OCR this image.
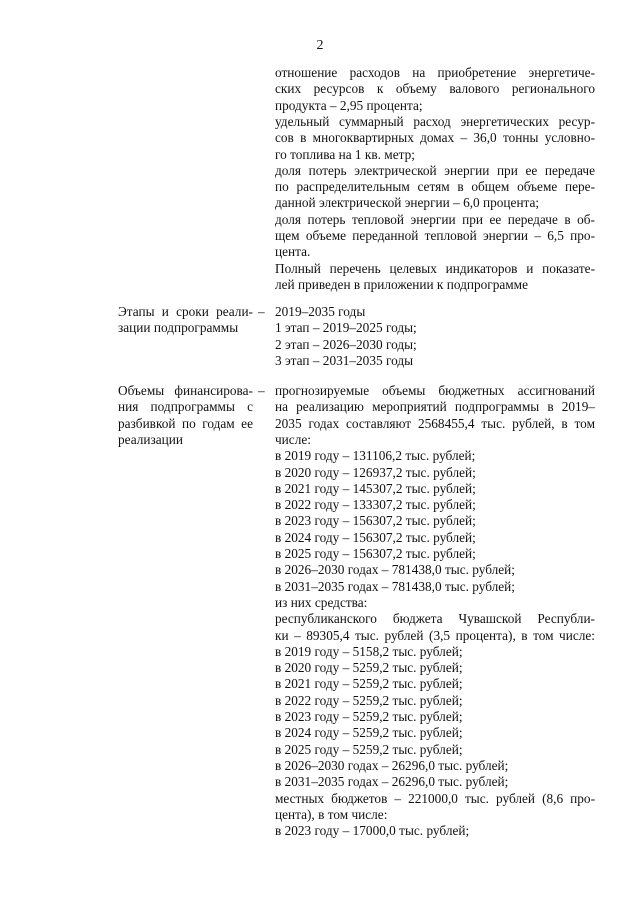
2
отношение расходов на приобретение энергетиче-
ских ресурсов к объему валового регионального
продукта – 2,95 процента;
удельный суммарный расход энергетических ресур-
сов в многоквартирных домах – 36,0 тонны условно-
го топлива на 1 кв. метр;
доля потерь электрической энергии при ее передаче
по распределительным сетям в общем объеме пере-
данной электрической энергии – 6,0 процента;
доля потерь тепловой энергии при ее передаче в об-
щем объеме переданной тепловой энергии – 6,5 про-
цента.
Полный перечень целевых индикаторов и показате-
лей приведен в приложении к подпрограмме
Этапы и сроки реали-
зации подпрограммы
– 2019–2035 годы
1 этап – 2019–2025 годы;
2 этап – 2026–2030 годы;
3 этап – 2031–2035 годы
Объемы финансирова-
ния подпрограммы с
разбивкой по годам ее
реализации
– прогнозируемые объемы бюджетных ассигнований
на реализацию мероприятий подпрограммы в 2019–
2035 годах составляют 2568455,4 тыс. рублей, в том
числе:
в 2019 году – 131106,2 тыс. рублей;
в 2020 году – 126937,2 тыс. рублей;
в 2021 году – 145307,2 тыс. рублей;
в 2022 году – 133307,2 тыс. рублей;
в 2023 году – 156307,2 тыс. рублей;
в 2024 году – 156307,2 тыс. рублей;
в 2025 году – 156307,2 тыс. рублей;
в 2026–2030 годах – 781438,0 тыс. рублей;
в 2031–2035 годах – 781438,0 тыс. рублей;
из них средства:
республиканского бюджета Чувашской Республи-
ки – 89305,4 тыс. рублей (3,5 процента), в том числе:
в 2019 году – 5158,2 тыс. рублей;
в 2020 году – 5259,2 тыс. рублей;
в 2021 году – 5259,2 тыс. рублей;
в 2022 году – 5259,2 тыс. рублей;
в 2023 году – 5259,2 тыс. рублей;
в 2024 году – 5259,2 тыс. рублей;
в 2025 году – 5259,2 тыс. рублей;
в 2026–2030 годах – 26296,0 тыс. рублей;
в 2031–2035 годах – 26296,0 тыс. рублей;
местных бюджетов – 221000,0 тыс. рублей (8,6 про-
цента), в том числе:
в 2023 году – 17000,0 тыс. рублей;
